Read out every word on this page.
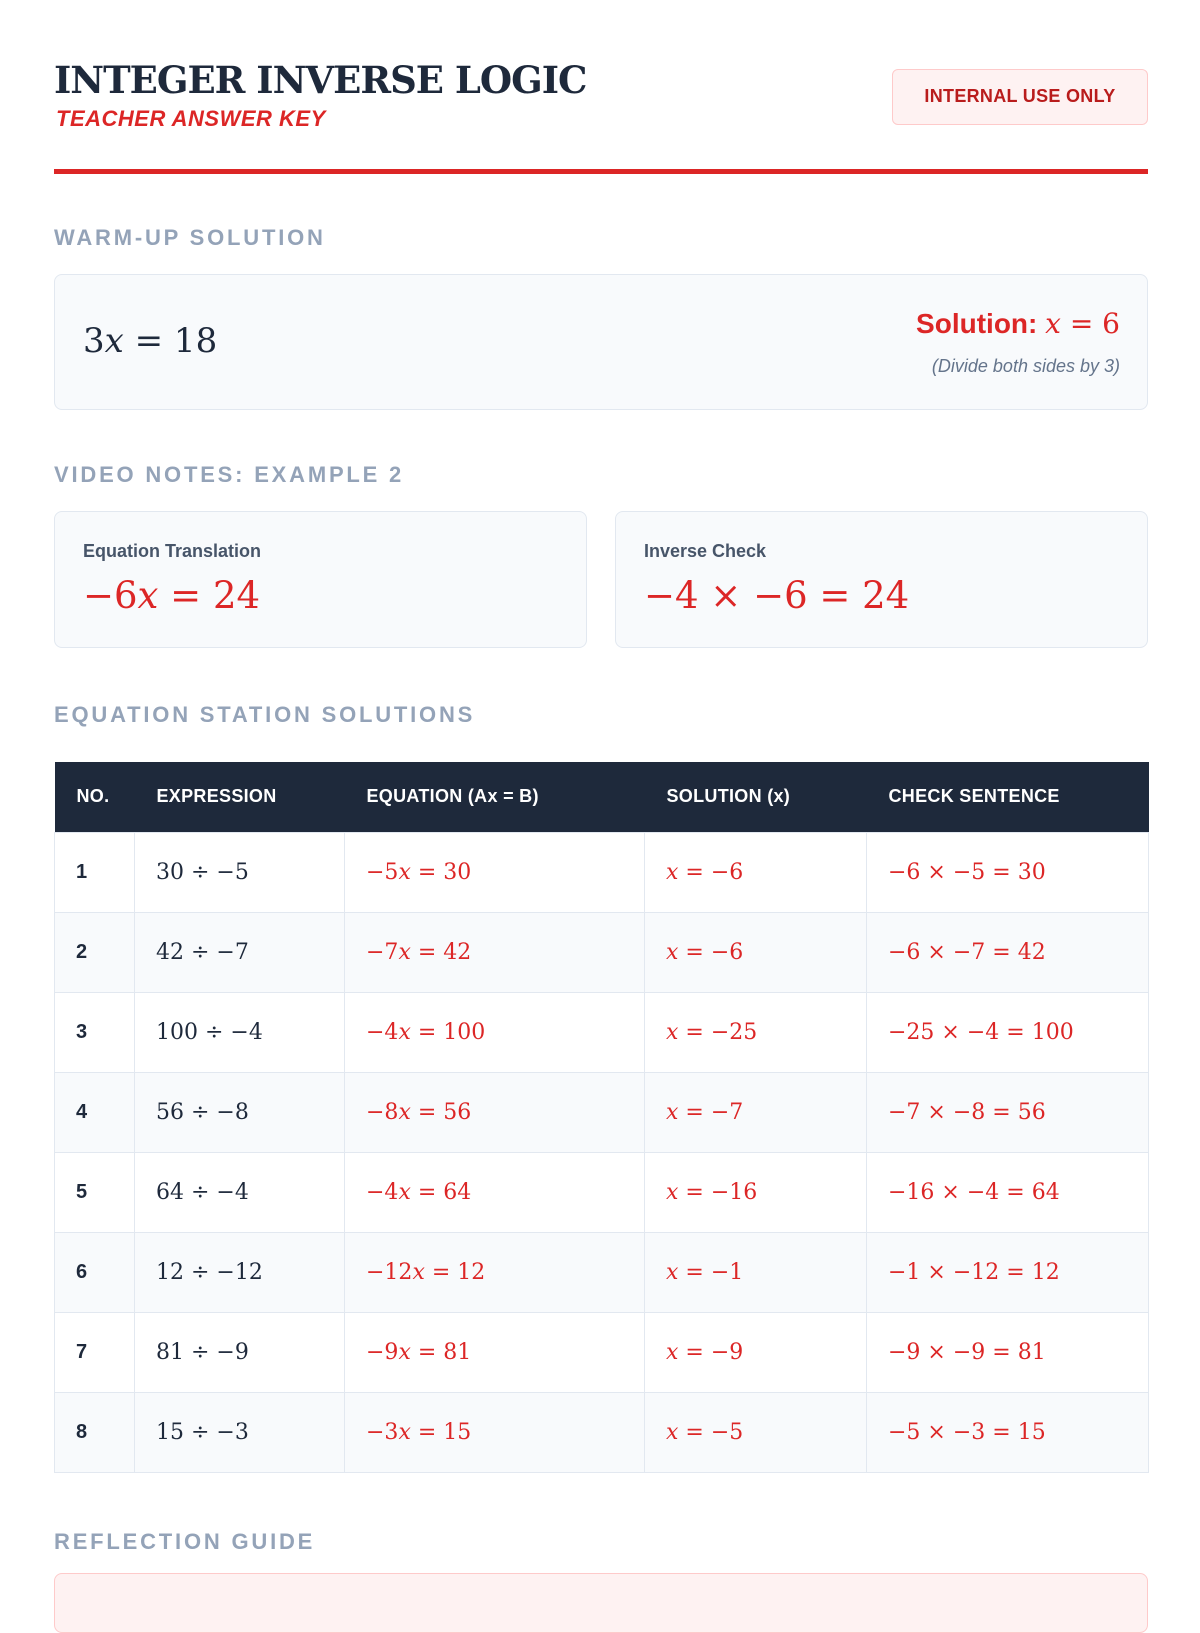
INTEGER INVERSE LOGIC
TEACHER ANSWER KEY
INTERNAL USE ONLY
WARM-UP SOLUTION
3x = 18	Solution: x = 6
(Divide both sides by 3)
VIDEO NOTES: EXAMPLE 2
Equation Translation
−6x = 24
Inverse Check
−4 × −6 = 24
EQUATION STATION SOLUTIONS
NO.	EXPRESSION	EQUATION (Ax = B)	SOLUTION (x)	CHECK SENTENCE
1	30 ÷ −5	−5x = 30	x = −6	−6 × −5 = 30
2	42 ÷ −7	−7x = 42	x = −6	−6 × −7 = 42
3	100 ÷ −4	−4x = 100	x = −25	−25 × −4 = 100
4	56 ÷ −8	−8x = 56	x = −7	−7 × −8 = 56
5	64 ÷ −4	−4x = 64	x = −16	−16 × −4 = 64
6	12 ÷ −12	−12x = 12	x = −1	−1 × −12 = 12
7	81 ÷ −9	−9x = 81	x = −9	−9 × −9 = 81
8	15 ÷ −3	−3x = 15	x = −5	−5 × −3 = 15
REFLECTION GUIDE
